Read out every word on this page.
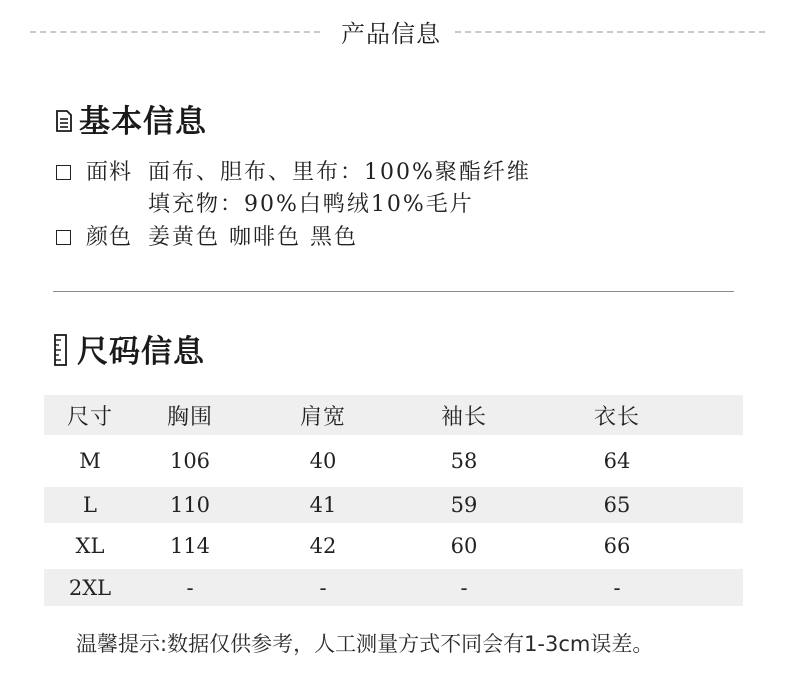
产品信息
基本信息
面料 面布、胆布、里布：100%聚酯纤维
填充物：90%白鸭绒10%毛片
颜色 姜黄色 咖啡色 黑色
尺码信息
尺寸	胸围	肩宽	袖长	衣长
M	106	40	58	64
L	110	41	59	65
XL	114	42	60	66
2XL	-	-	-	-
温馨提示:数据仅供参考，人工测量方式不同会有1-3cm误差。
